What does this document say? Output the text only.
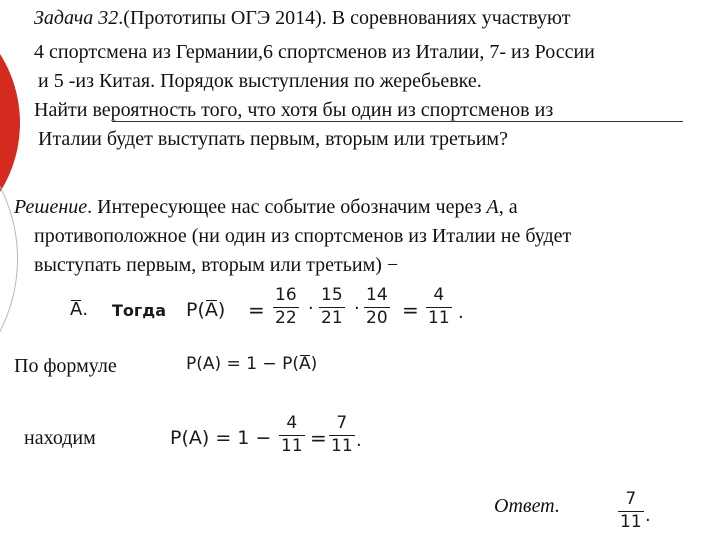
Задача 32.(Прототипы ОГЭ 2014). В соревнованиях участвуют
4 спортсмена из Германии,6 спортсменов из Италии, 7- из России
и 5 -из Китая. Порядок выступления по жеребьевке.
Найти вероятность того, что хотя бы один из спортсменов из
Италии будет выступать первым, вторым или третьим?
Решение. Интересующее нас событие обозначим через A, а
противоположное (ни один из спортсменов из Италии не будет
выступать первым, вторым или третьим) −
A. Тогда P(A) =
16
22 ·
15
21 ·
14
20 =
4
11 .
По формуле	P(A) = 1 − P(A)
находим	P(A) = 1 −
4
11 =
7
11 .
Ответ.	7
11 .
